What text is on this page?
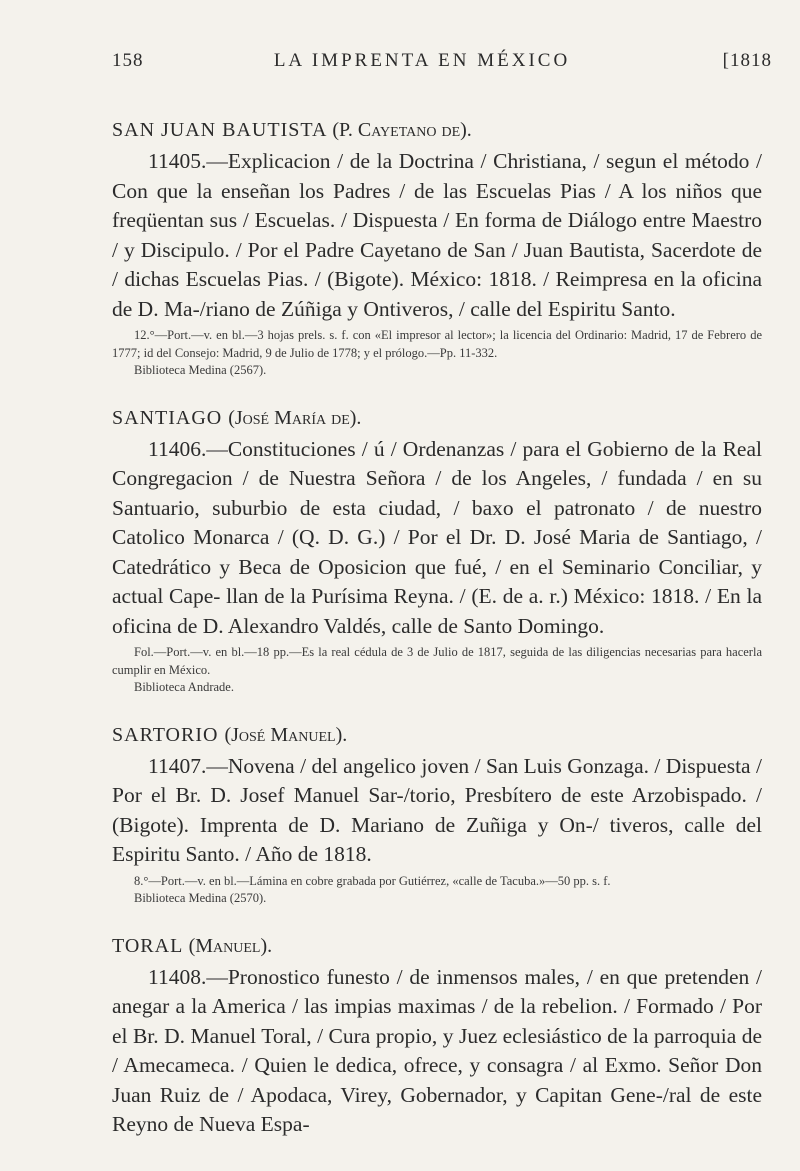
158	LA IMPRENTA EN MÉXICO	[1818

SAN JUAN BAUTISTA (P. Cayetano de).

11405.—Explicacion / de la Doctrina / Christiana, / segun el método / Con que la enseñan los Padres / de las Escuelas Pias / A los niños que freqüentan sus / Escuelas. / Dispuesta / En forma de Diálogo entre Maestro / y Discipulo. / Por el Padre Cayetano de San / Juan Bautista, Sacerdote de / dichas Escuelas Pias. / (Bigote). México: 1818. / Reimpresa en la oficina de D. Ma-/riano de Zúñiga y Ontiveros, / calle del Espiritu Santo.

12.°—Port.—v. en bl.—3 hojas prels. s. f. con «El impresor al lector»; la licencia del Ordinario: Madrid, 17 de Febrero de 1777; id del Consejo: Madrid, 9 de Julio de 1778; y el prólogo.—Pp. 11-332.

Biblioteca Medina (2567).

SANTIAGO (José María de).

11406.—Constituciones / ú / Ordenanzas / para el Gobierno de la Real Congregacion / de Nuestra Señora / de los Angeles, / fundada / en su Santuario, suburbio de esta ciudad, / baxo el patronato / de nuestro Catolico Monarca / (Q. D. G.) / Por el Dr. D. José Maria de Santiago, / Catedrático y Beca de Oposicion que fué, / en el Seminario Conciliar, y actual Cape- llan de la Purísima Reyna. / (E. de a. r.) México: 1818. / En la oficina de D. Alexandro Valdés, calle de Santo Domingo.

Fol.—Port.—v. en bl.—18 pp.—Es la real cédula de 3 de Julio de 1817, seguida de las diligencias necesarias para hacerla cumplir en México.

Biblioteca Andrade.

SARTORIO (José Manuel).

11407.—Novena / del angelico joven / San Luis Gonzaga. / Dispuesta / Por el Br. D. Josef Manuel Sar-/torio, Presbítero de este Arzobispado. / (Bigote). Imprenta de D. Mariano de Zuñiga y On-/ tiveros, calle del Espiritu Santo. / Año de 1818.

8.°—Port.—v. en bl.—Lámina en cobre grabada por Gutiérrez, «calle de Tacuba.»—50 pp. s. f.

Biblioteca Medina (2570).

TORAL (Manuel).

11408.—Pronostico funesto / de inmensos males, / en que pretenden / anegar a la America / las impias maximas / de la rebelion. / Formado / Por el Br. D. Manuel Toral, / Cura propio, y Juez eclesiástico de la parroquia de / Amecameca. / Quien le dedica, ofrece, y consagra / al Exmo. Señor Don Juan Ruiz de / Apodaca, Virey, Gobernador, y Capitan Gene-/ral de este Reyno de Nueva Espa-
